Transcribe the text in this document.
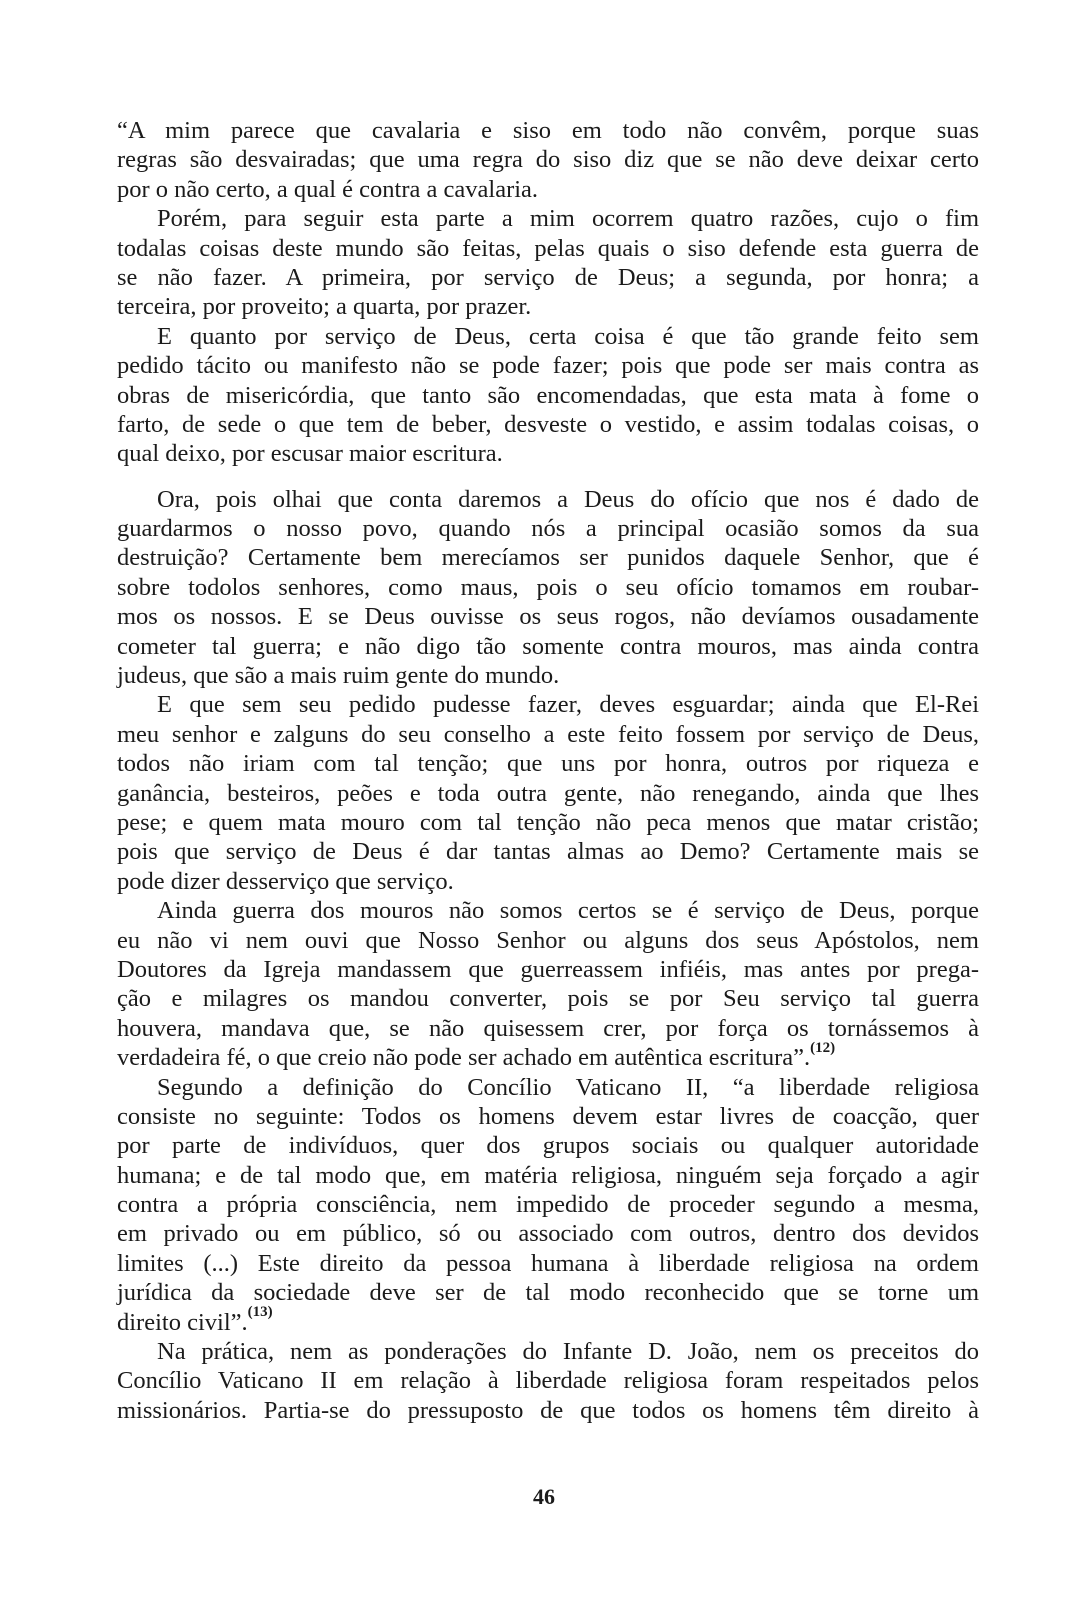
“A mim parece que cavalaria e siso em todo não convêm, porque suas
regras são desvairadas; que uma regra do siso diz que se não deve deixar certo
por o não certo, a qual é contra a cavalaria.
Porém, para seguir esta parte a mim ocorrem quatro razões, cujo o fim
todalas coisas deste mundo são feitas, pelas quais o siso defende esta guerra de
se não fazer. A primeira, por serviço de Deus; a segunda, por honra; a
terceira, por proveito; a quarta, por prazer.
E quanto por serviço de Deus, certa coisa é que tão grande feito sem
pedido tácito ou manifesto não se pode fazer; pois que pode ser mais contra as
obras de misericórdia, que tanto são encomendadas, que esta mata à fome o
farto, de sede o que tem de beber, desveste o vestido, e assim todalas coisas, o
qual deixo, por escusar maior escritura.
Ora, pois olhai que conta daremos a Deus do ofício que nos é dado de
guardarmos o nosso povo, quando nós a principal ocasião somos da sua
destruição? Certamente bem merecíamos ser punidos daquele Senhor, que é
sobre todolos senhores, como maus, pois o seu ofício tomamos em roubar-
mos os nossos. E se Deus ouvisse os seus rogos, não devíamos ousadamente
cometer tal guerra; e não digo tão somente contra mouros, mas ainda contra
judeus, que são a mais ruim gente do mundo.
E que sem seu pedido pudesse fazer, deves esguardar; ainda que El-Rei
meu senhor e zalguns do seu conselho a este feito fossem por serviço de Deus,
todos não iriam com tal tenção; que uns por honra, outros por riqueza e
ganância, besteiros, peões e toda outra gente, não renegando, ainda que lhes
pese; e quem mata mouro com tal tenção não peca menos que matar cristão;
pois que serviço de Deus é dar tantas almas ao Demo? Certamente mais se
pode dizer desserviço que serviço.
Ainda guerra dos mouros não somos certos se é serviço de Deus, porque
eu não vi nem ouvi que Nosso Senhor ou alguns dos seus Apóstolos, nem
Doutores da Igreja mandassem que guerreassem infiéis, mas antes por prega-
ção e milagres os mandou converter, pois se por Seu serviço tal guerra
houvera, mandava que, se não quisessem crer, por força os tornássemos à
verdadeira fé, o que creio não pode ser achado em autêntica escritura”.$^{(12)}$
Segundo a definição do Concílio Vaticano II, “a liberdade religiosa
consiste no seguinte: Todos os homens devem estar livres de coacção, quer
por parte de indivíduos, quer dos grupos sociais ou qualquer autoridade
humana; e de tal modo que, em matéria religiosa, ninguém seja forçado a agir
contra a própria consciência, nem impedido de proceder segundo a mesma,
em privado ou em público, só ou associado com outros, dentro dos devidos
limites (...) Este direito da pessoa humana à liberdade religiosa na ordem
jurídica da sociedade deve ser de tal modo reconhecido que se torne um
direito civil”.$^{(13)}$
Na prática, nem as ponderações do Infante D. João, nem os preceitos do
Concílio Vaticano II em relação à liberdade religiosa foram respeitados pelos
missionários. Partia-se do pressuposto de que todos os homens têm direito à
46
